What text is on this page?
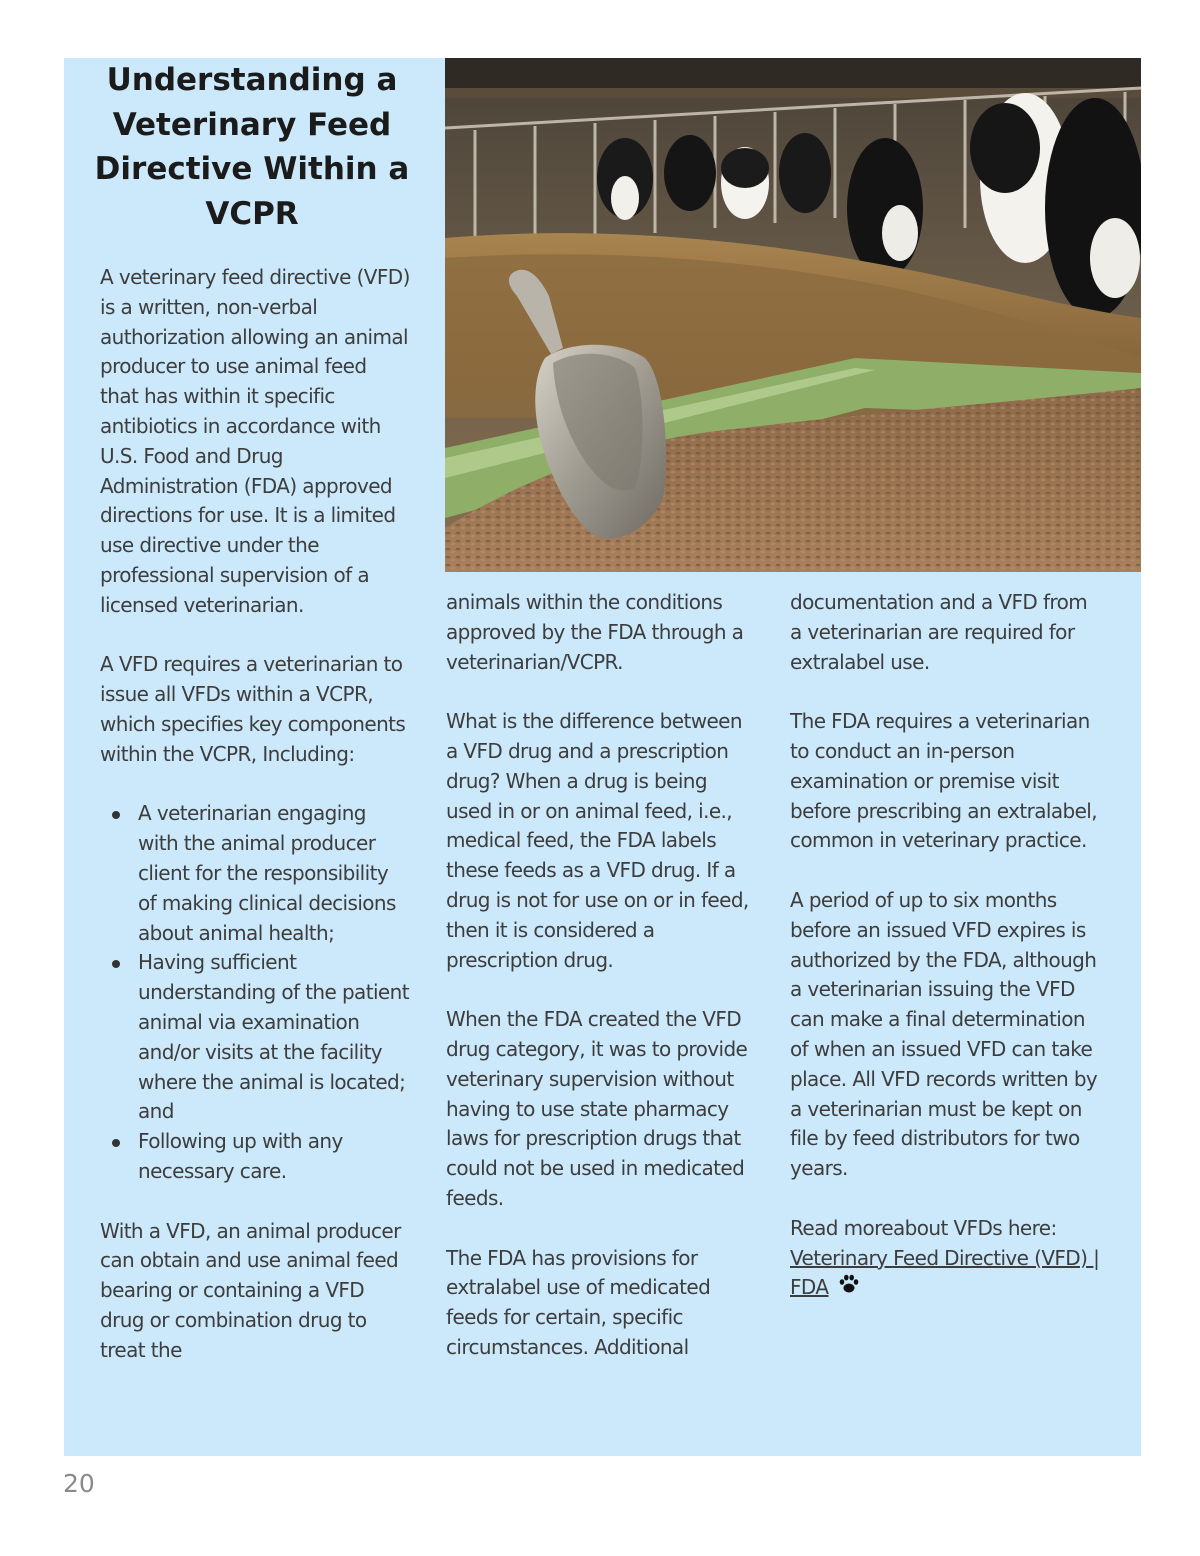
Understanding a Veterinary Feed Directive Within a VCPR

A veterinary feed directive (VFD) is a written, non-verbal authorization allowing an animal producer to use animal feed that has within it specific antibiotics in accordance with U.S. Food and Drug Administration (FDA) approved directions for use. It is a limited use directive under the professional supervision of a licensed veterinarian.

A VFD requires a veterinarian to issue all VFDs within a VCPR, which specifies key components within the VCPR, Including:

A veterinarian engaging with the animal producer client for the responsibility of making clinical decisions about animal health;
Having sufficient understanding of the patient animal via examination and/or visits at the facility where the animal is located; and
Following up with any necessary care.

With a VFD, an animal producer can obtain and use animal feed bearing or containing a VFD drug or combination drug to treat the

animals within the conditions approved by the FDA through a veterinarian/VCPR.

What is the difference between a VFD drug and a prescription drug? When a drug is being used in or on animal feed, i.e., medical feed, the FDA labels these feeds as a VFD drug. If a drug is not for use on or in feed, then it is considered a prescription drug.

When the FDA created the VFD drug category, it was to provide veterinary supervision without having to use state pharmacy laws for prescription drugs that could not be used in medicated feeds.

The FDA has provisions for extralabel use of medicated feeds for certain, specific circumstances. Additional

documentation and a VFD from a veterinarian are required for extralabel use.

The FDA requires a veterinarian to conduct an in-person examination or premise visit before prescribing an extralabel, common in veterinary practice.

A period of up to six months before an issued VFD expires is authorized by the FDA, although a veterinarian issuing the VFD can make a final determination of when an issued VFD can take place. All VFD records written by a veterinarian must be kept on file by feed distributors for two years.

Read moreabout VFDs here:

Veterinary Feed Directive (VFD) | FDA

20
